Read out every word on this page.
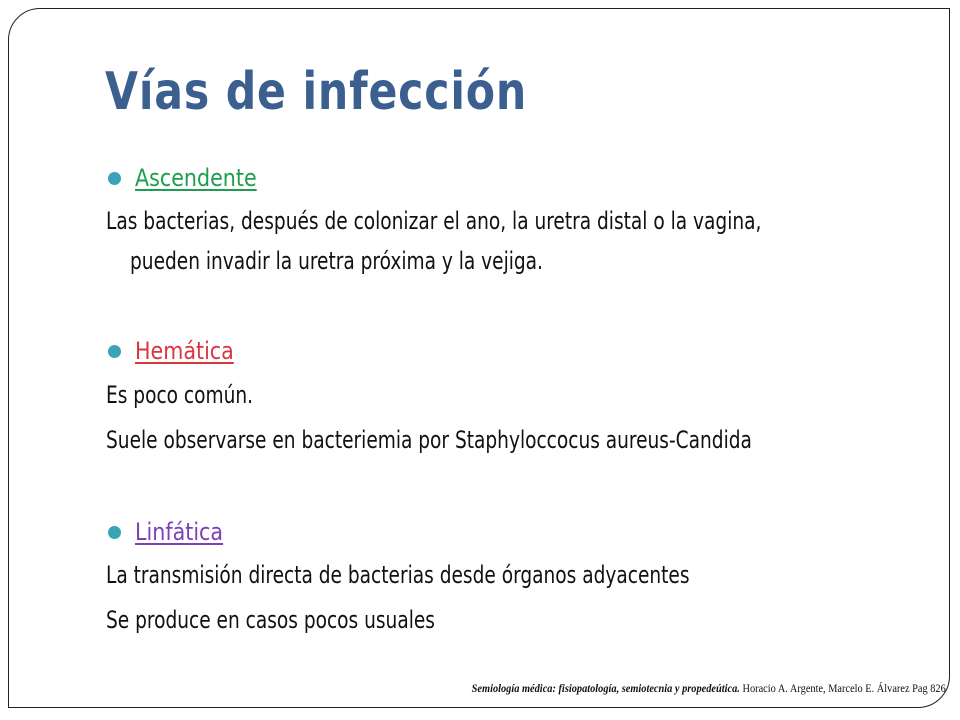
Vías de infección
Ascendente
Las bacterias, después de colonizar el ano, la uretra distal o la vagina,
pueden invadir la uretra próxima y la vejiga.
Hemática
Es poco común.
Suele observarse en bacteriemia por Staphyloccocus aureus-Candida
Linfática
La transmisión directa de bacterias desde órganos adyacentes
Se produce en casos pocos usuales
Semiología médica: fisiopatología, semiotecnia y propedeútica. Horacio A. Argente, Marcelo E. Álvarez Pag 826
